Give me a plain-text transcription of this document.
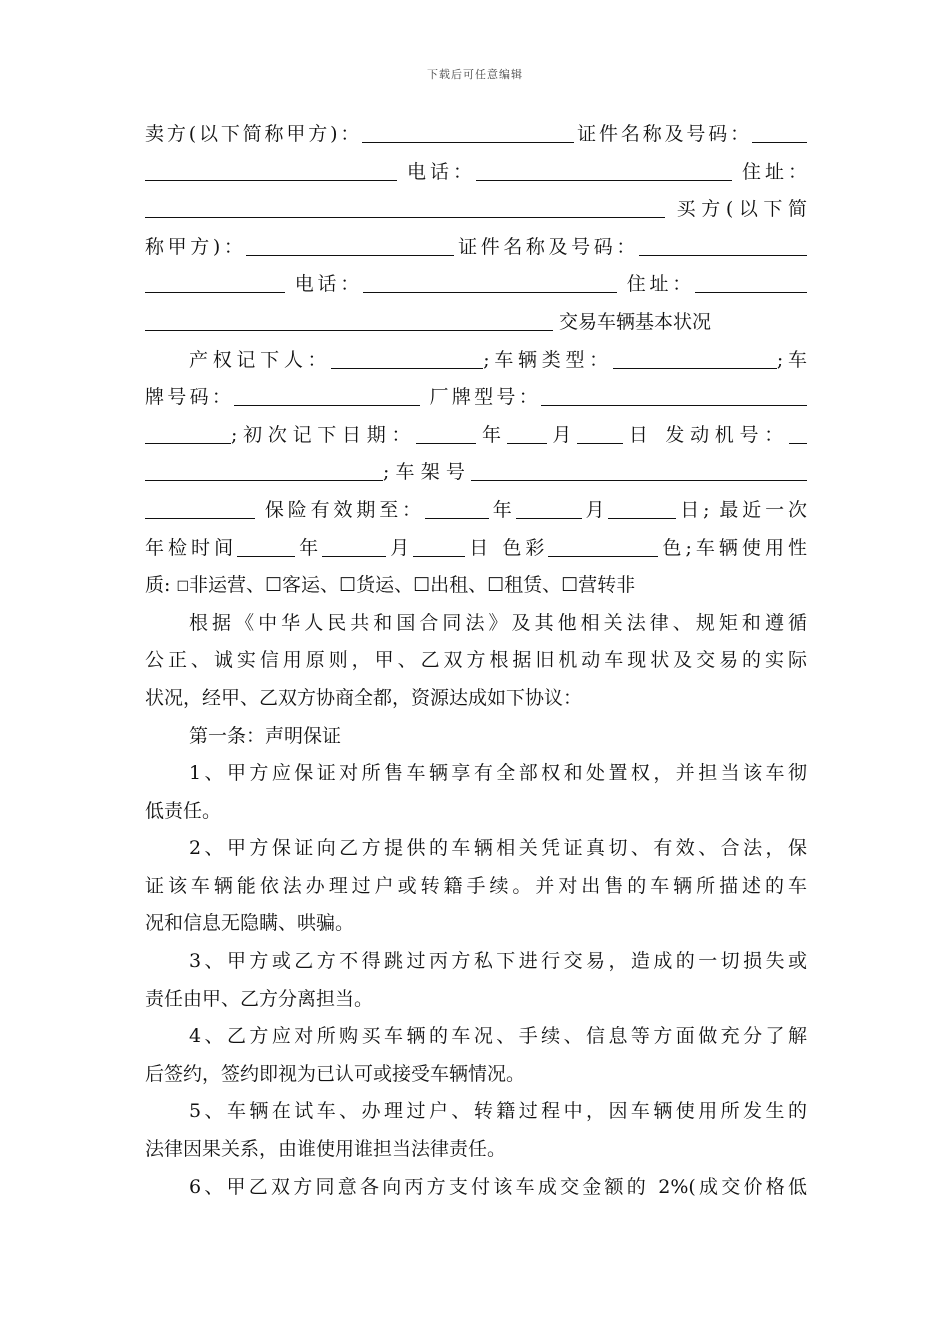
下载后可任意编辑
卖方(以下简称甲方)：	证件名称及号码：
电话：	住址：
买方(以下简
称甲方)：	证件名称及号码：
电话：	住址：
交易车辆基本状况
产权记下人：	;车辆类型：	;车
牌号码：	厂牌型号：
;初次记下日期：	年 月 日 发动机号：
;车架号
保险有效期至：	年	月	日; 最近一次
年检时间	年	月	日 色彩	色;车辆使用性
质: ☐非运营、☐客运、☐货运、☐出租、☐租赁、☐营转非
根据《中华人民共和国合同法》及其他相关法律、规矩和遵循
公正、诚实信用原则，甲、乙双方根据旧机动车现状及交易的实际
状况，经甲、乙双方协商全都，资源达成如下协议：
第一条：声明保证
1、甲方应保证对所售车辆享有全部权和处置权，并担当该车彻
低责任。
2、甲方保证向乙方提供的车辆相关凭证真切、有效、合法，保
证该车辆能依法办理过户或转籍手续。并对出售的车辆所描述的车
况和信息无隐瞒、哄骗。
3、甲方或乙方不得跳过丙方私下进行交易，造成的一切损失或
责任由甲、乙方分离担当。
4、乙方应对所购买车辆的车况、手续、信息等方面做充分了解
后签约，签约即视为已认可或接受车辆情况。
5、车辆在试车、办理过户、转籍过程中，因车辆使用所发生的
法律因果关系，由谁使用谁担当法律责任。
6、甲乙双方同意各向丙方支付该车成交金额的 2%(成交价格低
